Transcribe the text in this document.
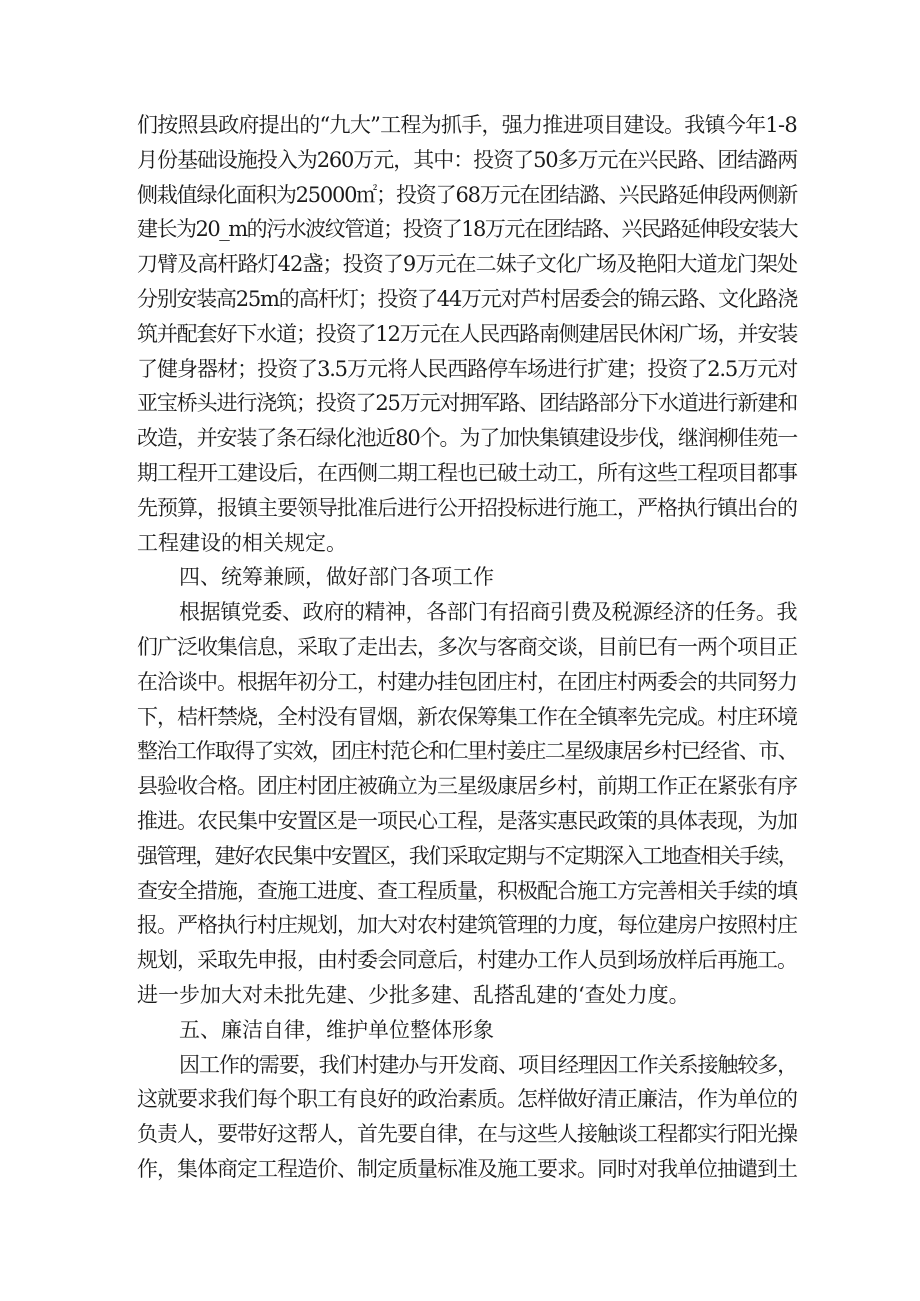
们按照县政府提出的“九大”工程为抓手，强力推进项目建设。我镇今年1-8
月份基础设施投入为260万元，其中：投资了50多万元在兴民路、团结潞两
侧栽值绿化面积为25000㎡；投资了68万元在团结潞、兴民路延伸段两侧新
建长为20_m的污水波纹管道；投资了18万元在团结路、兴民路延伸段安装大
刀臂及高杆路灯42盏；投资了9万元在二妹子文化广场及艳阳大道龙门架处
分别安装高25m的高杆灯；投资了44万元对芦村居委会的锦云路、文化路浇
筑并配套好下水道；投资了12万元在人民西路南侧建居民休闲广场，并安装
了健身器材；投资了3.5万元将人民西路停车场进行扩建；投资了2.5万元对
亚宝桥头进行浇筑；投资了25万元对拥军路、团结路部分下水道进行新建和
改造，并安装了条石绿化池近80个。为了加快集镇建设步伐，继润柳佳苑一
期工程开工建设后，在西侧二期工程也已破土动工，所有这些工程项目都事
先预算，报镇主要领导批准后进行公开招投标进行施工，严格执行镇出台的
工程建设的相关规定。
四、统筹兼顾，做好部门各项工作
根据镇党委、政府的精神，各部门有招商引费及税源经济的任务。我
们广泛收集信息，采取了走出去，多次与客商交谈，目前巳有一两个项目正
在洽谈中。根据年初分工，村建办挂包团庄村，在团庄村两委会的共同努力
下，桔杆禁烧，全村没有冒烟，新农保筹集工作在全镇率先完成。村庄环境
整治工作取得了实效，团庄村范仑和仁里村姜庄二星级康居乡村已经省、市、
县验收合格。团庄村团庄被确立为三星级康居乡村，前期工作正在紧张有序
推进。农民集中安置区是一项民心工程，是落实惠民政策的具体表现，为加
强管理，建好农民集中安置区，我们采取定期与不定期深入工地查相关手续，
查安全措施，查施工进度、查工程质量，积极配合施工方完善相关手续的填
报。严格执行村庄规划，加大对农村建筑管理的力度，每位建房户按照村庄
规划，采取先申报，由村委会同意后，村建办工作人员到场放样后再施工。
进一步加大对未批先建、少批多建、乱搭乱建的‘查处力度。
五、廉洁自律，维护单位整体形象
因工作的需要，我们村建办与开发商、项目经理因工作关系接触较多，
这就要求我们每个职工有良好的政治素质。怎样做好清正廉洁，作为单位的
负责人，要带好这帮人，首先要自律，在与这些人接触谈工程都实行阳光操
作，集体商定工程造价、制定质量标准及施工要求。同时对我单位抽谴到土
